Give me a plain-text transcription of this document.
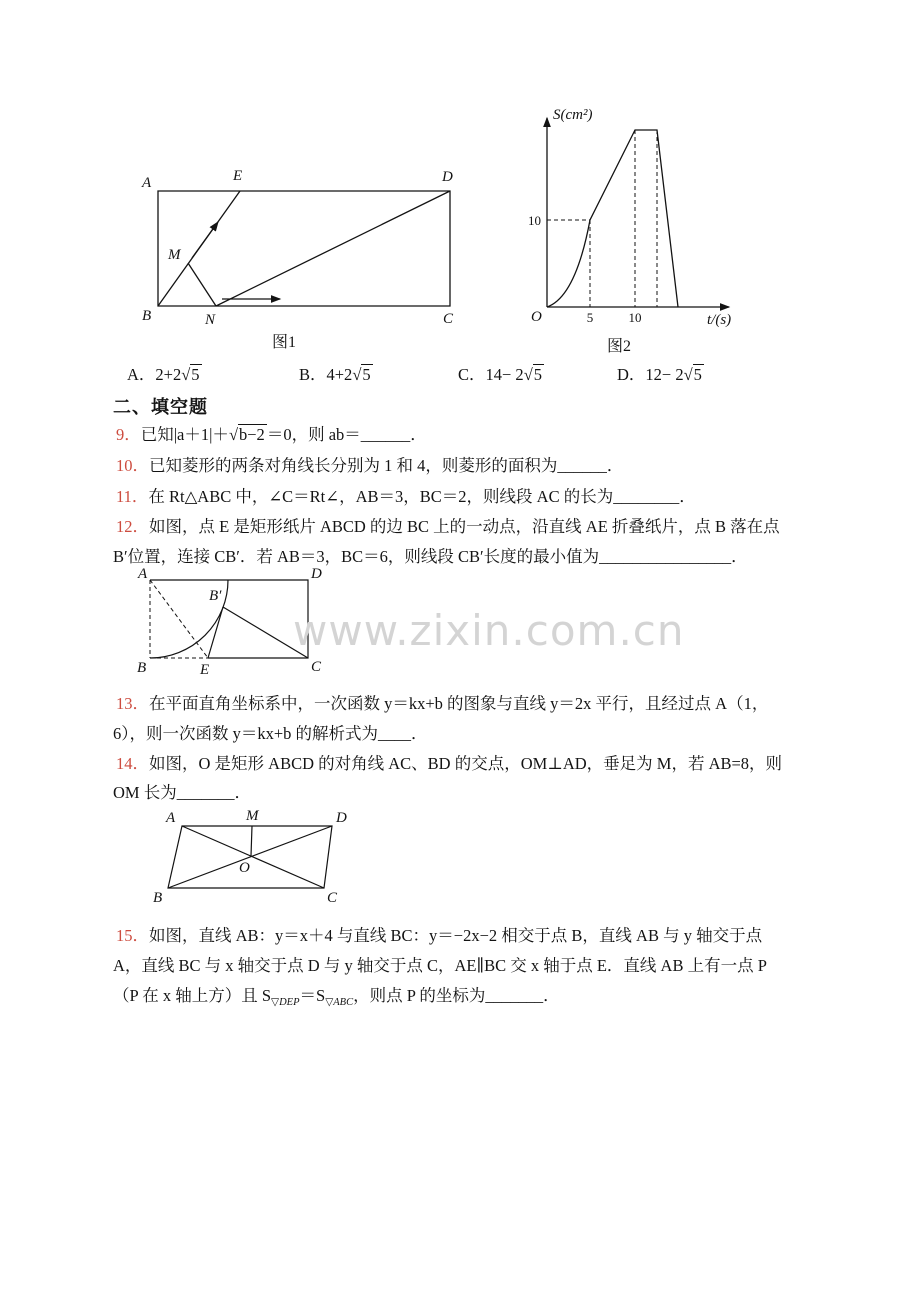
A	E	D
M
B	N	C
图1
S(cm²)
t/(s)
O
10
5	10
图2
A．2+2√5	B．4+2√5	C．14− 2√5	D．12− 2√5
二、填空题
9．已知|a＋1|＋√b−2 ＝0，则 ab＝______．
10．已知菱形的两条对角线长分别为 1 和 4，则菱形的面积为______．
11．在 Rt△ABC 中，∠C＝Rt∠，AB＝3，BC＝2，则线段 AC 的长为________．
12．如图，点 E 是矩形纸片 ABCD 的边 BC 上的一动点，沿直线 AE 折叠纸片，点 B 落在点
B′位置，连接 CB′．若 AB＝3，BC＝6，则线段 CB′长度的最小值为________________．
A	D
B′
B	E	C
www.zixin.com.cn
13．在平面直角坐标系中，一次函数 y＝kx+b 的图象与直线 y＝2x 平行，且经过点 A（1，
6），则一次函数 y＝kx+b 的解析式为____．
14．如图，O 是矩形 ABCD 的对角线 AC、BD 的交点，OM⊥AD，垂足为 M，若 AB=8，则
OM 长为_______．
A	M	D
O
B	C
15．如图，直线 AB：y＝x＋4 与直线 BC：y＝−2x−2 相交于点 B，直线 AB 与 y 轴交于点
A，直线 BC 与 x 轴交于点 D 与 y 轴交于点 C，AE∥BC 交 x 轴于点 E．直线 AB 上有一点 P
（P 在 x 轴上方）且 $S_{▽DEP}=S_{▽ABC}$，则点 P 的坐标为_______．
